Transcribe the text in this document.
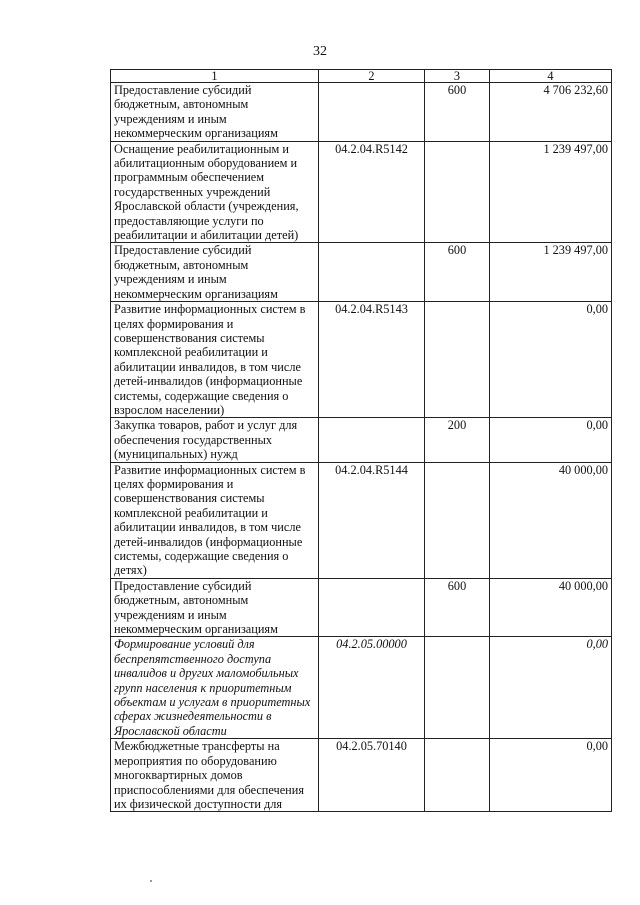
32
1	2	3	4
Предоставление субсидий бюджетным, автономным учреждениям и иным некоммерческим организациям		600	4 706 232,60
Оснащение реабилитационным и абилитационным оборудованием и программным обеспечением государственных учреждений Ярославской области (учреждения, предоставляющие услуги по реабилитации и абилитации детей)	04.2.04.R5142		1 239 497,00
Предоставление субсидий бюджетным, автономным учреждениям и иным некоммерческим организациям		600	1 239 497,00
Развитие информационных систем в целях формирования и совершенствования системы комплексной реабилитации и абилитации инвалидов, в том числе детей-инвалидов (информационные системы, содержащие сведения о взрослом населении)	04.2.04.R5143		0,00
Закупка товаров, работ и услуг для обеспечения государственных (муниципальных) нужд		200	0,00
Развитие информационных систем в целях формирования и совершенствования системы комплексной реабилитации и абилитации инвалидов, в том числе детей-инвалидов (информационные системы, содержащие сведения о детях)	04.2.04.R5144		40 000,00
Предоставление субсидий бюджетным, автономным учреждениям и иным некоммерческим организациям		600	40 000,00
Формирование условий для беспрепятственного доступа инвалидов и других маломобильных групп населения к приоритетным объектам и услугам в приоритетных сферах жизнедеятельности в Ярославской области	04.2.05.00000		0,00
Межбюджетные трансферты на мероприятия по оборудованию многоквартирных домов приспособлениями для обеспечения их физической доступности для	04.2.05.70140		0,00
